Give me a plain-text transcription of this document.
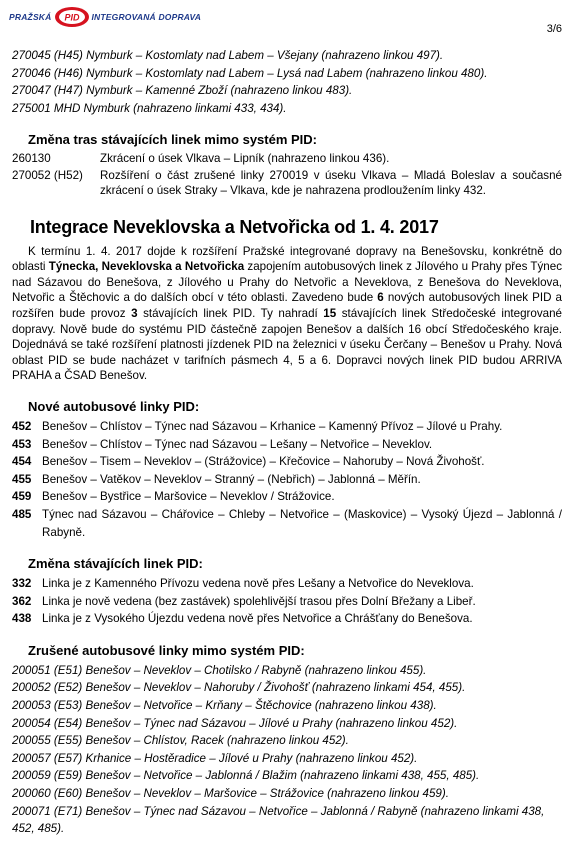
PRAŽSKÁ PID INTEGROVANÁ DOPRAVA
3/6
270045 (H45) Nymburk – Kostomlaty nad Labem – Všejany (nahrazeno linkou 497).
270046 (H46) Nymburk – Kostomlaty nad Labem – Lysá nad Labem (nahrazeno linkou 480).
270047 (H47) Nymburk – Kamenné Zboží (nahrazeno linkou 483).
275001 MHD Nymburk (nahrazeno linkami 433, 434).
Změna tras stávajících linek mimo systém PID:
260130	Zkrácení o úsek Vlkava – Lipník (nahrazeno linkou 436).
270052 (H52)	Rozšíření o část zrušené linky 270019 v úseku Vlkava – Mladá Boleslav a současné zkrácení o úsek Straky – Vlkava, kde je nahrazena prodloužením linky 432.
Integrace Neveklovska a Netvořicka od 1. 4. 2017

K termínu 1. 4. 2017 dojde k rozšíření Pražské integrované dopravy na Benešovsku, konkrétně do oblasti Týnecka, Neveklovska a Netvořicka zapojením autobusových linek z Jílového u Prahy přes Týnec nad Sázavou do Benešova, z Jílového u Prahy do Netvořic a Neveklova, z Benešova do Neveklova, Netvořic a Štěchovic a do dalších obcí v této oblasti. Zavedeno bude 6 nových autobusových linek PID a rozšířen bude provoz 3 stávajících linek PID. Ty nahradí 15 stávajících linek Středočeské integrované dopravy. Nově bude do systému PID částečně zapojen Benešov a dalších 16 obcí Středočeského kraje. Dojednává se také rozšíření platnosti jízdenek PID na železnici v úseku Čerčany – Benešov u Prahy. Nová oblast PID se bude nacházet v tarifních pásmech 4, 5 a 6. Dopravci nových linek PID budou ARRIVA PRAHA a ČSAD Benešov.

Nové autobusové linky PID:
452 Benešov – Chlístov – Týnec nad Sázavou – Krhanice – Kamenný Přívoz – Jílové u Prahy.
453 Benešov – Chlístov – Týnec nad Sázavou – Lešany – Netvořice – Neveklov.
454 Benešov – Tisem – Neveklov – (Strážovice) – Křečovice – Nahoruby – Nová Živohošť.
455 Benešov – Vatěkov – Neveklov – Stranný – (Nebřich) – Jablonná – Měřín.
459 Benešov – Bystřice – Maršovice – Neveklov / Strážovice.
485 Týnec nad Sázavou – Chářovice – Chleby – Netvořice – (Maskovice) – Vysoký Újezd – Jablonná / Rabyně.
Změna stávajících linek PID:
332 Linka je z Kamenného Přívozu vedena nově přes Lešany a Netvořice do Neveklova.
362 Linka je nově vedena (bez zastávek) spolehlivější trasou přes Dolní Břežany a Libeř.
438 Linka je z Vysokého Újezdu vedena nově přes Netvořice a Chrášťany do Benešova.
Zrušené autobusové linky mimo systém PID:
200051 (E51) Benešov – Neveklov – Chotilsko / Rabyně (nahrazeno linkou 455).
200052 (E52) Benešov – Neveklov – Nahoruby / Živohošť (nahrazeno linkami 454, 455).
200053 (E53) Benešov – Netvořice – Krňany – Štěchovice (nahrazeno linkou 438).
200054 (E54) Benešov – Týnec nad Sázavou – Jílové u Prahy (nahrazeno linkou 452).
200055 (E55) Benešov – Chlístov, Racek (nahrazeno linkou 452).
200057 (E57) Krhanice – Hostěradice – Jílové u Prahy (nahrazeno linkou 452).
200059 (E59) Benešov – Netvořice – Jablonná / Blažim (nahrazeno linkami 438, 455, 485).
200060 (E60) Benešov – Neveklov – Maršovice – Strážovice (nahrazeno linkou 459).
200071 (E71) Benešov – Týnec nad Sázavou – Netvořice – Jablonná / Rabyně (nahrazeno linkami 438, 452, 485).
